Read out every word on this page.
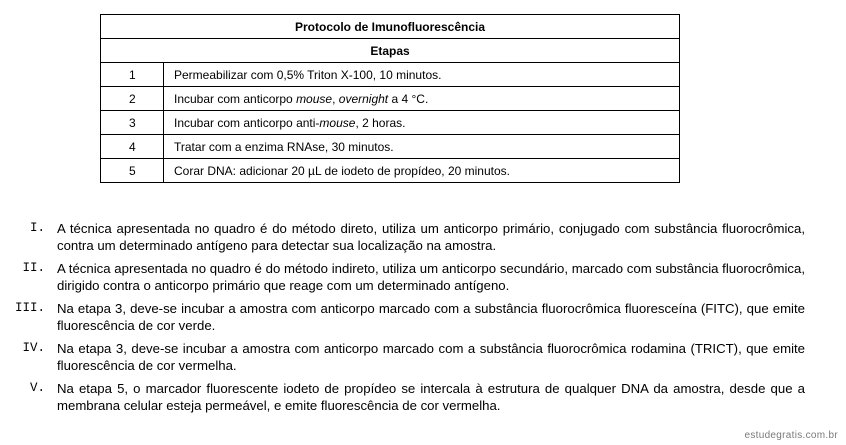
Protocolo de Imunofluorescência	
Etapas	
1	Permeabilizar com 0,5% Triton X-100, 10 minutos.
2	Incubar com anticorpo mouse, overnight a 4 °C.
3	Incubar com anticorpo anti-mouse, 2 horas.
4	Tratar com a enzima RNAse, 30 minutos.
5	Corar DNA: adicionar 20 µL de iodeto de propídeo, 20 minutos.
I. A técnica apresentada no quadro é do método direto, utiliza um anticorpo primário, conjugado com substância fluorocrômica, contra um determinado antígeno para detectar sua localização na amostra.
II. A técnica apresentada no quadro é do método indireto, utiliza um anticorpo secundário, marcado com substância fluorocrômica, dirigido contra o anticorpo primário que reage com um determinado antígeno.
III. Na etapa 3, deve-se incubar a amostra com anticorpo marcado com a substância fluorocrômica fluoresceína (FITC), que emite fluorescência de cor verde.
IV. Na etapa 3, deve-se incubar a amostra com anticorpo marcado com a substância fluorocrômica rodamina (TRICT), que emite fluorescência de cor vermelha.
V. Na etapa 5, o marcador fluorescente iodeto de propídeo se intercala à estrutura de qualquer DNA da amostra, desde que a membrana celular esteja permeável, e emite fluorescência de cor vermelha.
estudegratis.com.br
